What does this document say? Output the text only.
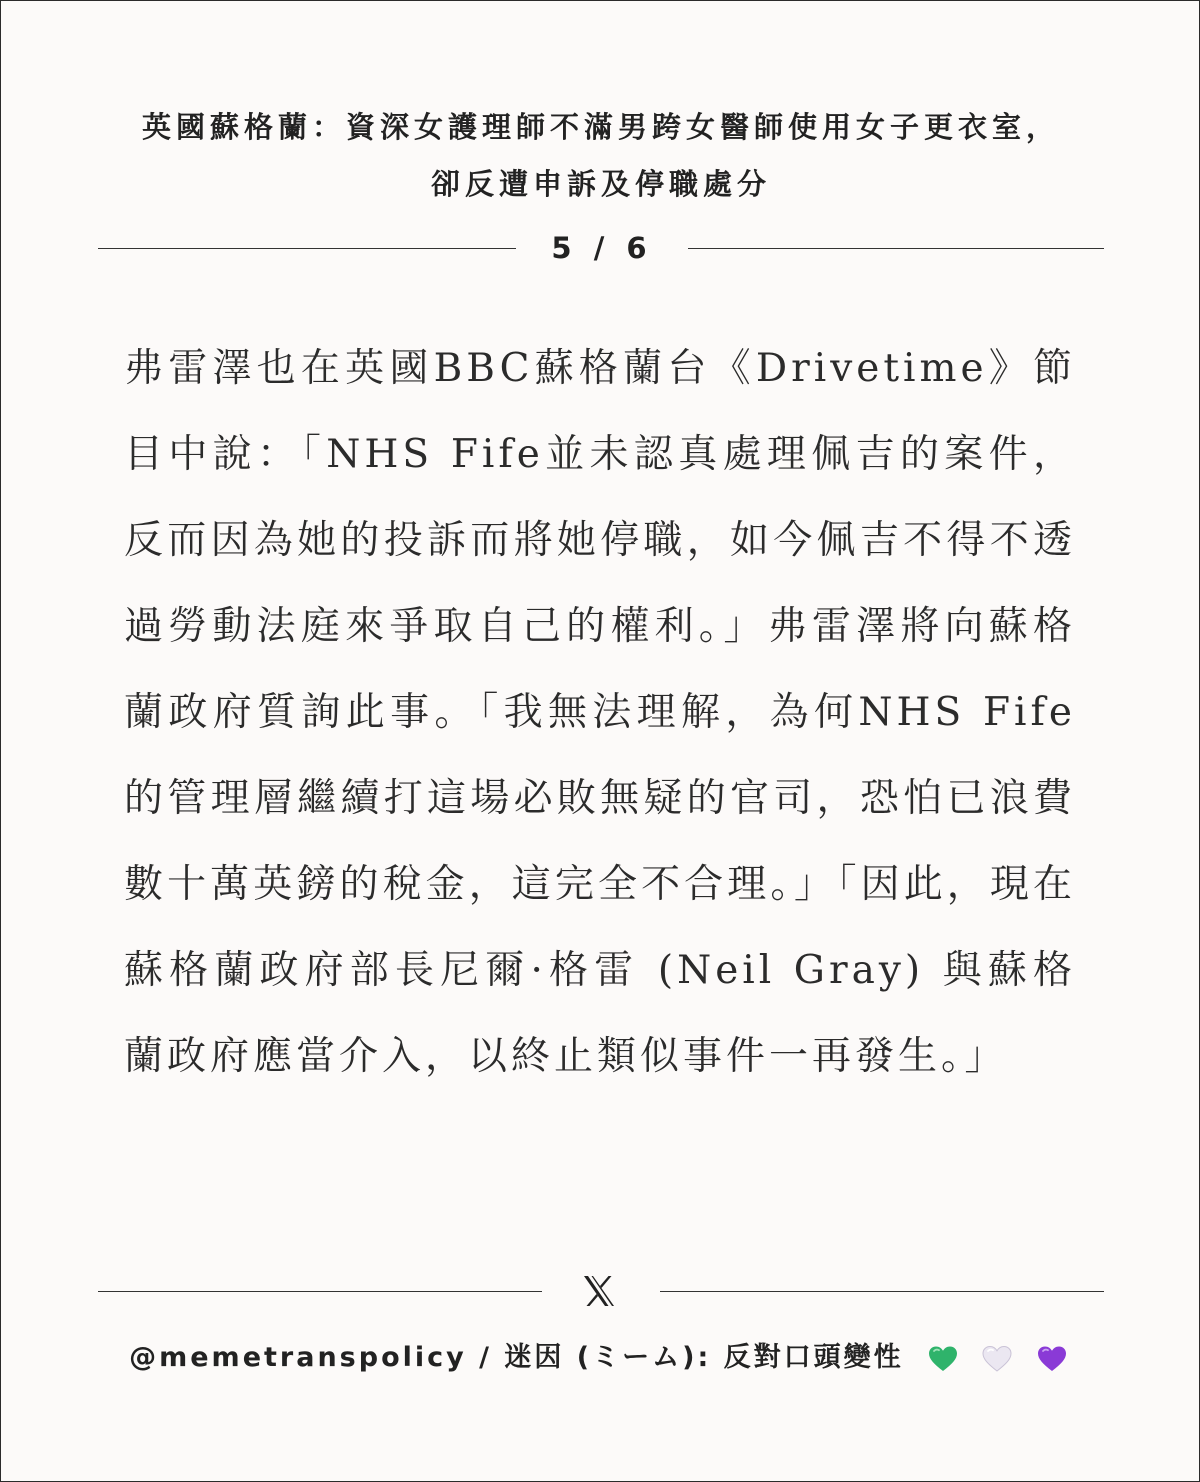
英國蘇格蘭：資深女護理師不滿男跨女醫師使用女子更衣室，卻反遭申訴及停職處分
5 / 6

弗雷澤也在英國BBC蘇格蘭台《Drivetime》節目中說：「NHS Fife並未認真處理佩吉的案件，反而因為她的投訴而將她停職，如今佩吉不得不透過勞動法庭來爭取自己的權利。」弗雷澤將向蘇格蘭政府質詢此事。「我無法理解，為何NHS Fife的管理層繼續打這場必敗無疑的官司，恐怕已浪費數十萬英鎊的稅金，這完全不合理。」「因此，現在蘇格蘭政府部長尼爾·格雷 (Neil Gray) 與蘇格蘭政府應當介入，以終止類似事件一再發生。」

@memetranspolicy / 迷因 (ミーム): 反對口頭變性
